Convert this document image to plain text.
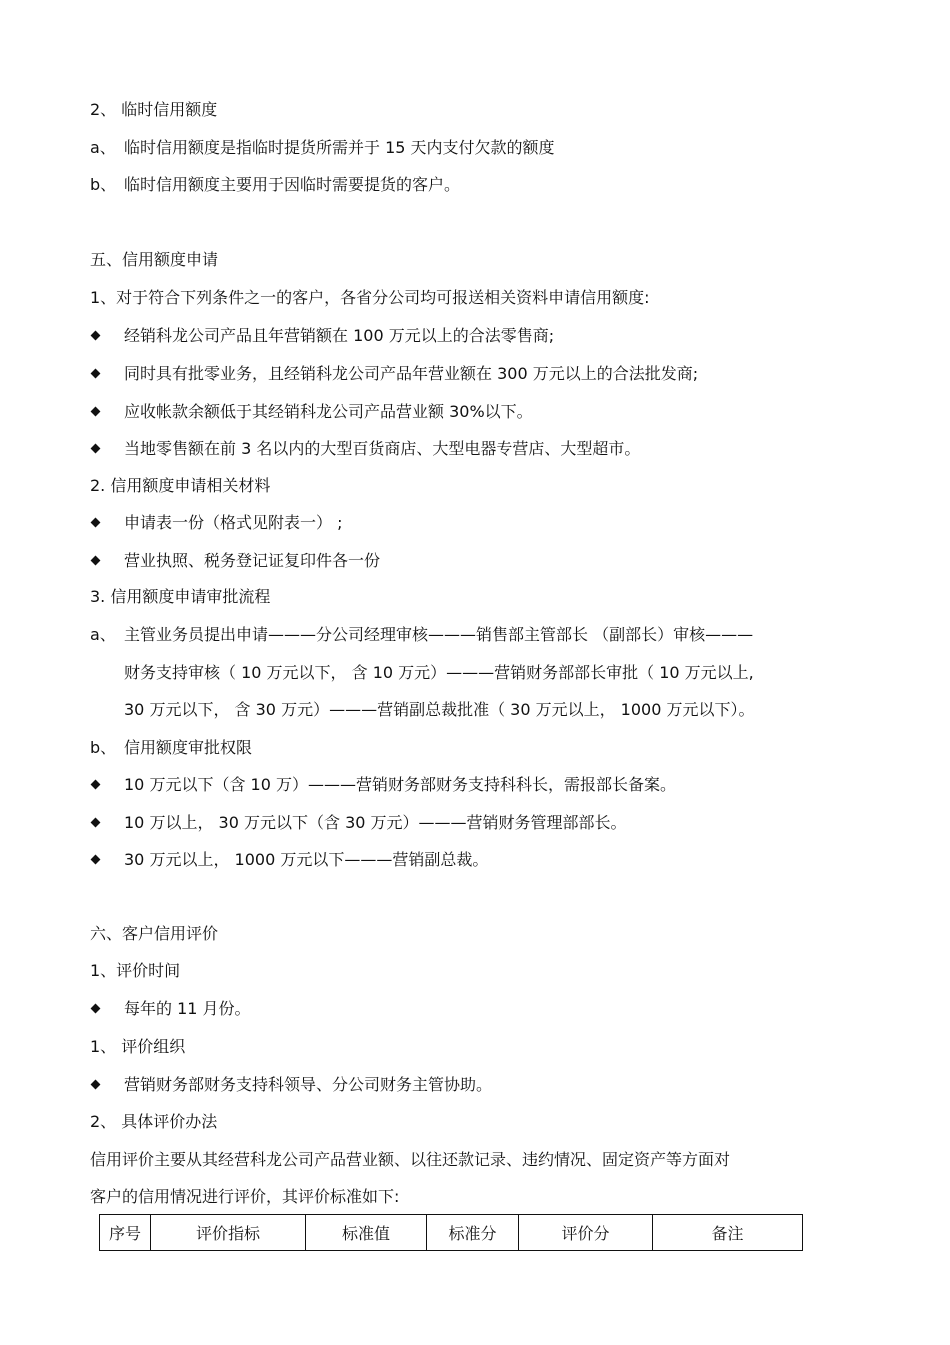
2、 临时信用额度
a、 临时信用额度是指临时提货所需并于 15 天内支付欠款的额度
b、 临时信用额度主要用于因临时需要提货的客户。
五、信用额度申请
1、对于符合下列条件之一的客户，各省分公司均可报送相关资料申请信用额度:
经销科龙公司产品且年营销额在 100 万元以上的合法零售商;
同时具有批零业务，且经销科龙公司产品年营业额在 300 万元以上的合法批发商;
应收帐款余额低于其经销科龙公司产品营业额 30%以下。
当地零售额在前 3 名以内的大型百货商店、大型电器专营店、大型超市。
2. 信用额度申请相关材料
申请表一份（格式见附表一） ;
营业执照、税务登记证复印件各一份
3. 信用额度申请审批流程
a、 主管业务员提出申请———分公司经理审核———销售部主管部长 （副部长）审核———
财务支持审核（ 10 万元以下， 含 10 万元）———营销财务部部长审批（ 10 万元以上,
30 万元以下， 含 30 万元）———营销副总裁批准（ 30 万元以上， 1000 万元以下）。
b、 信用额度审批权限
10 万元以下（含 10 万）———营销财务部财务支持科科长，需报部长备案。
10 万以上， 30 万元以下（含 30 万元）———营销财务管理部部长。
30 万元以上， 1000 万元以下———营销副总裁。
六、客户信用评价
1、评价时间
每年的 11 月份。
1、 评价组织
营销财务部财务支持科领导、分公司财务主管协助。
2、 具体评价办法
信用评价主要从其经营科龙公司产品营业额、以往还款记录、违约情况、固定资产等方面对
客户的信用情况进行评价，其评价标准如下:
序号	评价指标	标准值	标准分	评价分	备注
